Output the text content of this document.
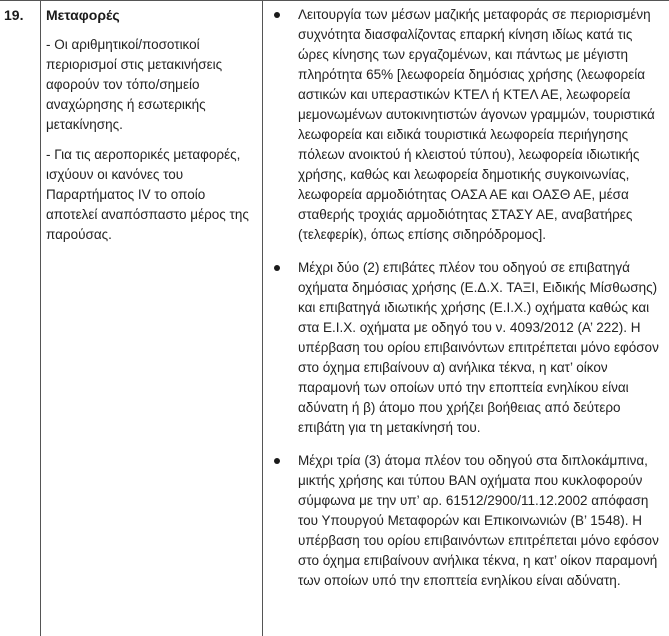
19.	Μεταφορές

- Οι αριθμητικοί/ποσοτικοί περιορισμοί στις μετακινήσεις αφορούν τον τόπο/σημείο αναχώρησης ή εσωτερικής μετακίνησης.

- Για τις αεροπορικές μεταφορές, ισχύουν οι κανόνες του Παραρτήματος IV το οποίο αποτελεί αναπόσπαστο μέρος της παρούσας.

Λειτουργία των μέσων μαζικής μεταφοράς σε περιορισμένη συχνότητα διασφαλίζοντας επαρκή κίνηση ιδίως κατά τις ώρες κίνησης των εργαζομένων, και πάντως με μέγιστη πληρότητα 65% [λεωφορεία δημόσιας χρήσης (λεωφορεία αστικών και υπεραστικών ΚΤΕΛ ή ΚΤΕΛ ΑΕ, λεωφορεία μεμονωμένων αυτοκινητιστών άγονων γραμμών, τουριστικά λεωφορεία και ειδικά τουριστικά λεωφορεία περιήγησης πόλεων ανοικτού ή κλειστού τύπου), λεωφορεία ιδιωτικής χρήσης, καθώς και λεωφορεία δημοτικής συγκοινωνίας, λεωφορεία αρμοδιότητας ΟΑΣΑ ΑΕ και ΟΑΣΘ ΑΕ, μέσα σταθερής τροχιάς αρμοδιότητας ΣΤΑΣΥ ΑΕ, αναβατήρες (τελεφερίκ), όπως επίσης σιδηρόδρομος].
Μέχρι δύο (2) επιβάτες πλέον του οδηγού σε επιβατηγά οχήματα δημόσιας χρήσης (Ε.Δ.Χ. ΤΑΞΙ, Ειδικής Μίσθωσης) και επιβατηγά ιδιωτικής χρήσης (Ε.Ι.Χ.) οχήματα καθώς και στα Ε.Ι.Χ. οχήματα με οδηγό του ν. 4093/2012 (Α’ 222). Η υπέρβαση του ορίου επιβαινόντων επιτρέπεται μόνο εφόσον στο όχημα επιβαίνουν α) ανήλικα τέκνα, η κατ’ οίκον παραμονή των οποίων υπό την εποπτεία ενηλίκου είναι αδύνατη ή β) άτομο που χρήζει βοήθειας από δεύτερο επιβάτη για τη μετακίνησή του.
Μέχρι τρία (3) άτομα πλέον του οδηγού στα διπλοκάμπινα, μικτής χρήσης και τύπου BAN οχήματα που κυκλοφορούν σύμφωνα με την υπ’ αρ. 61512/2900/11.12.2002 απόφαση του Υπουργού Μεταφορών και Επικοινωνιών (Β’ 1548). Η υπέρβαση του ορίου επιβαινόντων επιτρέπεται μόνο εφόσον στο όχημα επιβαίνουν ανήλικα τέκνα, η κατ’ οίκον παραμονή των οποίων υπό την εποπτεία ενηλίκου είναι αδύνατη.
